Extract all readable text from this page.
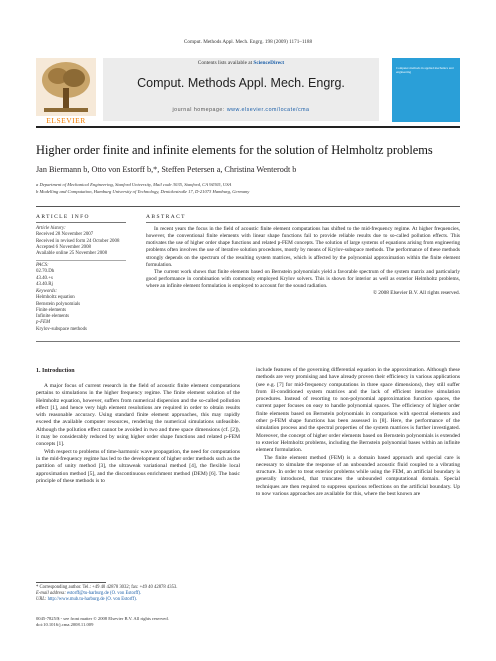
Comput. Methods Appl. Mech. Engrg. 198 (2009) 1171–1188
Contents lists available at ScienceDirect
Comput. Methods Appl. Mech. Engrg.
journal homepage: www.elsevier.com/locate/cma
ELSEVIER
Computer methods in applied mechanics and engineering
Higher order finite and infinite elements for the solution of Helmholtz problems
Jan Biermann b, Otto von Estorff b,*, Steffen Petersen a, Christina Wenterodt b
a Department of Mechanical Engineering, Stanford University, Mail code 3035, Stanford, CA 94305, USA
b Modelling and Computation, Hamburg University of Technology, Denickestraße 17, D-21073 Hamburg, Germany
ARTICLE INFO
Article history:
Received 28 November 2007
Received in revised form 24 October 2008
Accepted 6 November 2008
Available online 25 November 2008
PACS:
02.70.Dh
43.40.+s
43.40.Rj
Keywords:
Helmholtz equation
Bernstein polynomials
Finite elements
Infinite elements
p-FEM
Krylov-subspace methods
ABSTRACT

In recent years the focus in the field of acoustic finite element computations has shifted to the mid-frequency regime. At higher frequencies, however, the conventional finite elements with linear shape functions fail to provide reliable results due to so-called pollution effects. This motivates the use of higher order shape functions and related p-FEM concepts. The solution of large systems of equations arising from engineering problems often involves the use of iterative solution procedures, mostly by means of Krylov-subspace methods. The performance of these methods strongly depends on the spectrum of the resulting system matrices, which is affected by the polynomial approximation within the finite element formulation.

The current work shows that finite elements based on Bernstein polynomials yield a favorable spectrum of the system matrix and particularly good performance in combination with commonly employed Krylov solvers. This is shown for interior as well as exterior Helmholtz problems, where an infinite element formulation is employed to account for the sound radiation.

© 2008 Elsevier B.V. All rights reserved.
1. Introduction

A major focus of current research in the field of acoustic finite element computations pertains to simulations in the higher frequency regime. The finite element solution of the Helmholtz equation, however, suffers from numerical dispersion and the so-called pollution effect [1], and hence very high element resolutions are required in order to obtain results with reasonable accuracy. Using standard finite element approaches, this may rapidly exceed the available computer resources, rendering the numerical simulations unfeasible. Although the pollution effect cannot be avoided in two and three space dimensions (cf. [2]), it may be considerably reduced by using higher order shape functions and related p-FEM concepts [1].

With respect to problems of time-harmonic wave propagation, the need for computations in the mid-frequency regime has led to the development of higher order methods such as the partition of unity method [3], the ultraweak variational method [4], the flexible local approximation method [5], and the discontinuous enrichment method (DEM) [6]. The basic principle of these methods is to

include features of the governing differential equation in the approximation. Although these methods are very promising and have already proven their efficiency in various applications (see e.g. [7] for mid-frequency computations in three space dimensions), they still suffer from ill-conditioned system matrices and the lack of efficient iterative simulation procedures. Instead of resorting to non-polynomial approximation function spaces, the current paper focuses on easy to handle polynomial spaces. The efficiency of higher order finite elements based on Bernstein polynomials in comparison with spectral elements and other p-FEM shape functions has been assessed in [8]. Here, the performance of the simulation process and the spectral properties of the system matrices is further investigated. Moreover, the concept of higher order elements based on Bernstein polynomials is extended to exterior Helmholtz problems, including the Bernstein polynomial bases within an infinite element formulation.

The finite element method (FEM) is a domain based approach and special care is necessary to simulate the response of an unbounded acoustic fluid coupled to a vibrating structure. In order to treat exterior problems while using the FEM, an artificial boundary is generally introduced, that truncates the unbounded computational domain. Special techniques are then required to suppress spurious reflections on the artificial boundary. Up to now various approaches are available for this, where the best known are

* Corresponding author. Tel.: +49 40 42878 3032; fax: +49 40 42878 4353.
E-mail address: estorff@tu-harburg.de (O. von Estorff).
URL: http://www.mub.tu-harburg.de (O. von Estorff).
0045-7825/$ - see front matter © 2008 Elsevier B.V. All rights reserved.
doi:10.1016/j.cma.2008.11.009
